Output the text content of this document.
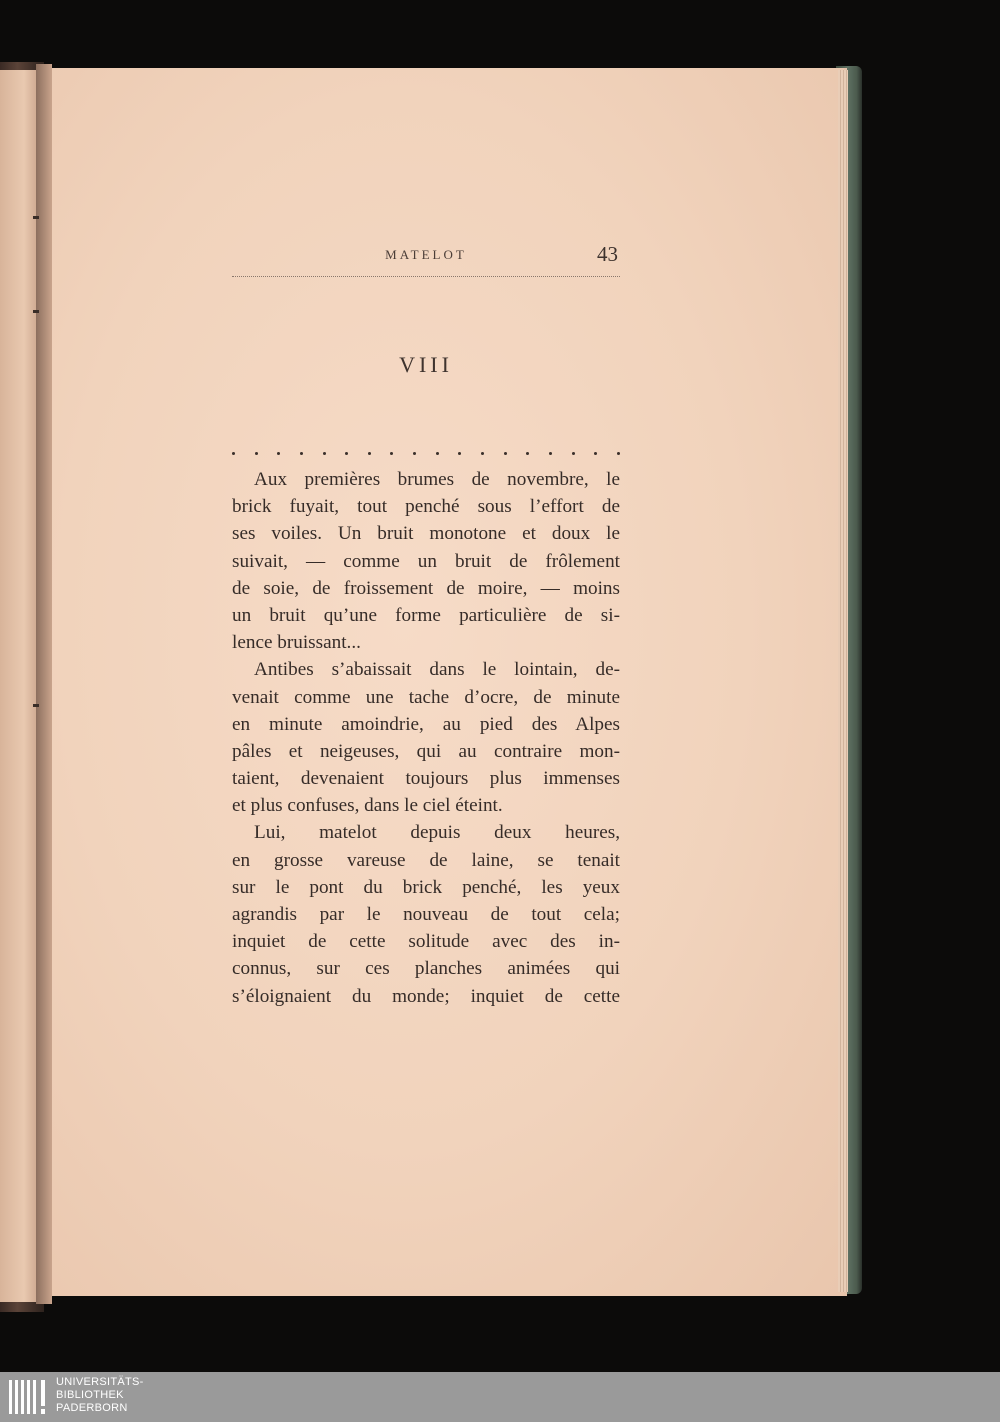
MATELOT	43
VIII
Aux premières brumes de novembre, le
brick fuyait, tout penché sous l’effort de
ses voiles. Un bruit monotone et doux le
suivait, — comme un bruit de frôlement
de soie, de froissement de moire, — moins
un bruit qu’une forme particulière de si-
lence bruissant...
Antibes s’abaissait dans le lointain, de-
venait comme une tache d’ocre, de minute
en minute amoindrie, au pied des Alpes
pâles et neigeuses, qui au contraire mon-
taient, devenaient toujours plus immenses
et plus confuses, dans le ciel éteint.
Lui, matelot depuis deux heures,
en grosse vareuse de laine, se tenait
sur le pont du brick penché, les yeux
agrandis par le nouveau de tout cela;
inquiet de cette solitude avec des in-
connus, sur ces planches animées qui
s’éloignaient du monde; inquiet de cette
UNIVERSITÄTS-
BIBLIOTHEK
PADERBORN
